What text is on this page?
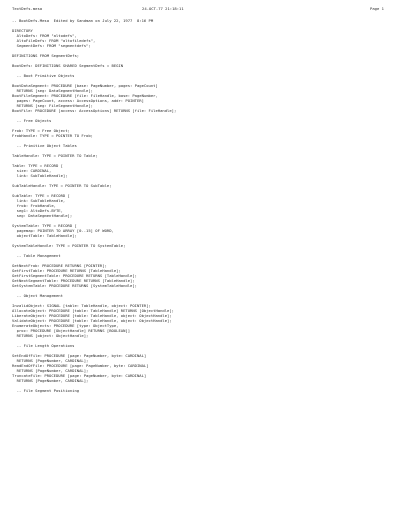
TextDefs.mesa	24-OCT-77 21:18:11	Page 1

-- BootDefs.Mesa  Edited by Sandman on July 22, 1977  8:16 PM
DIRECTORY
AltoDefs: FROM "altodefs",
AltoFileDefs: FROM "altofiledefs",
SegmentDefs: FROM "segmentdefs";
DEFINITIONS FROM SegmentDefs;
BootDefs: DEFINITIONS SHARED SegmentDefs = BEGIN
-- Boot Primitive Objects
BootDataSegment: PROCEDURE [base: PageNumber, pages: PageCount]
RETURNS [seg: DataSegmentHandle];
BootFileSegment: PROCEDURE [file: FileHandle, base: PageNumber,
pages: PageCount, access: AccessOptions, addr: POINTER]
RETURNS [seg: FileSegmentHandle];
BootFile: PROCEDURE [access: AccessOptions] RETURNS [file: FileHandle];
-- Free Objects
Frob: TYPE = Free Object;
FrobHandle: TYPE = POINTER TO Frob;
-- Primitive Object Tables
TableHandle: TYPE = POINTER TO Table;
Table: TYPE = RECORD [
size: CARDINAL,
link: SubTableHandle];
SubTableHandle: TYPE = POINTER TO SubTable;
SubTable: TYPE = RECORD [
link: SubTableHandle,
frob: FrobHandle,
seg1: AltoDefs.BYTE,
seg: DataSegmentHandle];
SystemTable: TYPE = RECORD [
pagemap: POINTER TO ARRAY [0..15] OF WORD,
objectTable: TableHandle];
SystemTableHandle: TYPE = POINTER TO SystemTable;
-- Table Management
GetNextFrob: PROCEDURE RETURNS [POINTER];
GetFirstTable: PROCEDURE RETURNS [TableHandle];
GetFirstSegmentTable: PROCEDURE RETURNS [TableHandle];
GetNextSegmentTable: PROCEDURE RETURNS [TableHandle];
GetSystemTable: PROCEDURE RETURNS [SystemTableHandle];
-- Object Management
InvalidObject: SIGNAL [table: TableHandle, object: POINTER];
AllocateObject: PROCEDURE [table: TableHandle] RETURNS [ObjectHandle];
LiberateObject: PROCEDURE [table: TableHandle, object: ObjectHandle];
ValidateObject: PROCEDURE [table: TableHandle, object: ObjectHandle];
EnumerateObjects: PROCEDURE [type: ObjectType,
proc: PROCEDURE [ObjectHandle] RETURNS [BOOLEAN]]
RETURNS [object: ObjectHandle];
-- File Length Operations
SetEndOfFile: PROCEDURE [page: PageNumber, byte: CARDINAL]
RETURNS [PageNumber, CARDINAL];
ReadEndOfFile: PROCEDURE [page: PageNumber, byte: CARDINAL]
RETURNS [PageNumber, CARDINAL];
TruncateFile: PROCEDURE [page: PageNumber, byte: CARDINAL]
RETURNS [PageNumber, CARDINAL];
-- File Segment Positioning
